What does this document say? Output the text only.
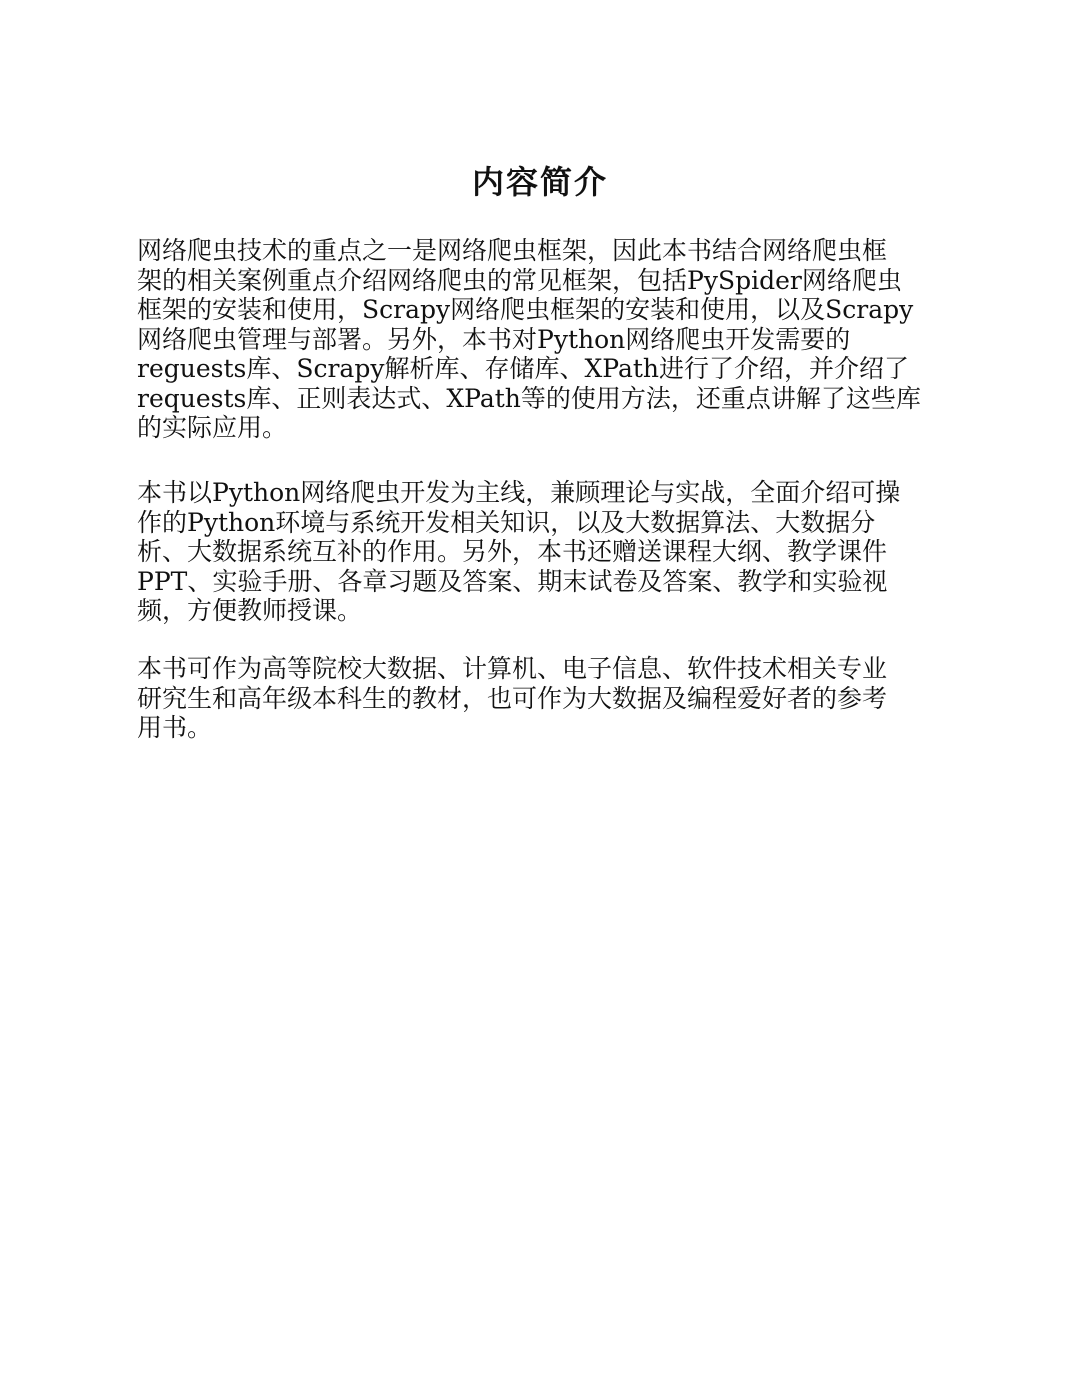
内容简介
网络爬虫技术的重点之一是网络爬虫框架，因此本书结合网络爬虫框
架的相关案例重点介绍网络爬虫的常见框架，包括PySpider网络爬虫
框架的安装和使用，Scrapy网络爬虫框架的安装和使用，以及Scrapy
网络爬虫管理与部署。另外，本书对Python网络爬虫开发需要的
reguests库、Scrapy解析库、存储库、XPath进行了介绍，并介绍了
requests库、正则表达式、XPath等的使用方法，还重点讲解了这些库
的实际应用。
本书以Python网络爬虫开发为主线，兼顾理论与实战，全面介绍可操
作的Python环境与系统开发相关知识，以及大数据算法、大数据分
析、大数据系统互补的作用。另外，本书还赠送课程大纲、教学课件
PPT、实验手册、各章习题及答案、期末试卷及答案、教学和实验视
频，方便教师授课。
本书可作为高等院校大数据、计算机、电子信息、软件技术相关专业
研究生和高年级本科生的教材，也可作为大数据及编程爱好者的参考
用书。
